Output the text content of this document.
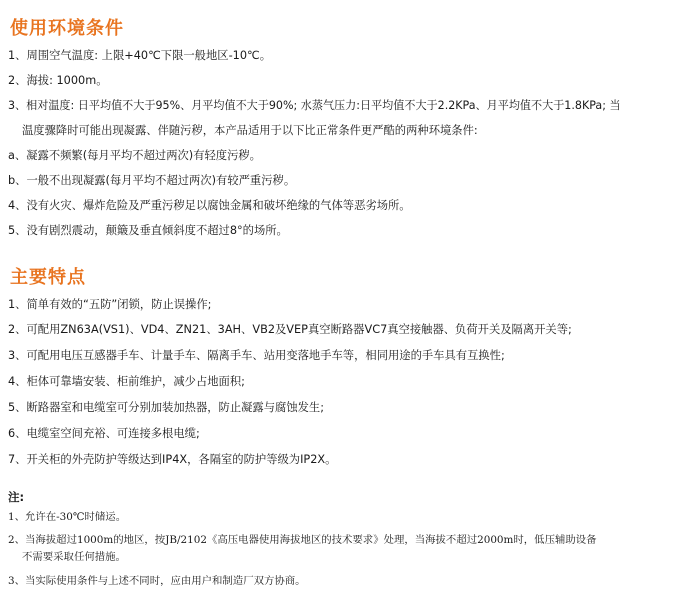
使用环境条件

1、周围空气温度: 上限+40℃下限一般地区-10℃。

2、海拔: 1000m。

3、相对温度: 日平均值不大于95%、月平均值不大于90%; 水蒸气压力:日平均值不大于2.2KPa、月平均值不大于1.8KPa; 当

温度骤降时可能出现凝露、伴随污秽，本产品适用于以下比正常条件更严酷的两种环境条件:

a、凝露不频繁(每月平均不超过两次)有轻度污秽。

b、一般不出现凝露(每月平均不超过两次)有较严重污秽。

4、没有火灾、爆炸危险及严重污秽足以腐蚀金属和破坏绝缘的气体等恶劣场所。

5、没有剧烈震动，颠簸及垂直倾斜度不超过8°的场所。

主要特点

1、简单有效的“五防”闭锁，防止误操作;

2、可配用ZN63A(VS1)、VD4、ZN21、3AH、VB2及VEP真空断路器VC7真空接触器、负荷开关及隔离开关等;

3、可配用电压互感器手车、计量手车、隔离手车、站用变落地手车等，相同用途的手车具有互换性;

4、柜体可靠墙安装、柜前维护，减少占地面积;

5、断路器室和电缆室可分别加装加热器，防止凝露与腐蚀发生;

6、电缆室空间充裕、可连接多根电缆;

7、开关柜的外壳防护等级达到IP4X，各隔室的防护等级为IP2X。

注:

1、允许在-30℃时储运。

2、当海拔超过1000m的地区，按JB/2102《高压电器使用海拔地区的技术要求》处理，当海拔不超过2000m时，低压辅助设备

不需要采取任何措施。

3、当实际使用条件与上述不同时，应由用户和制造厂双方协商。
